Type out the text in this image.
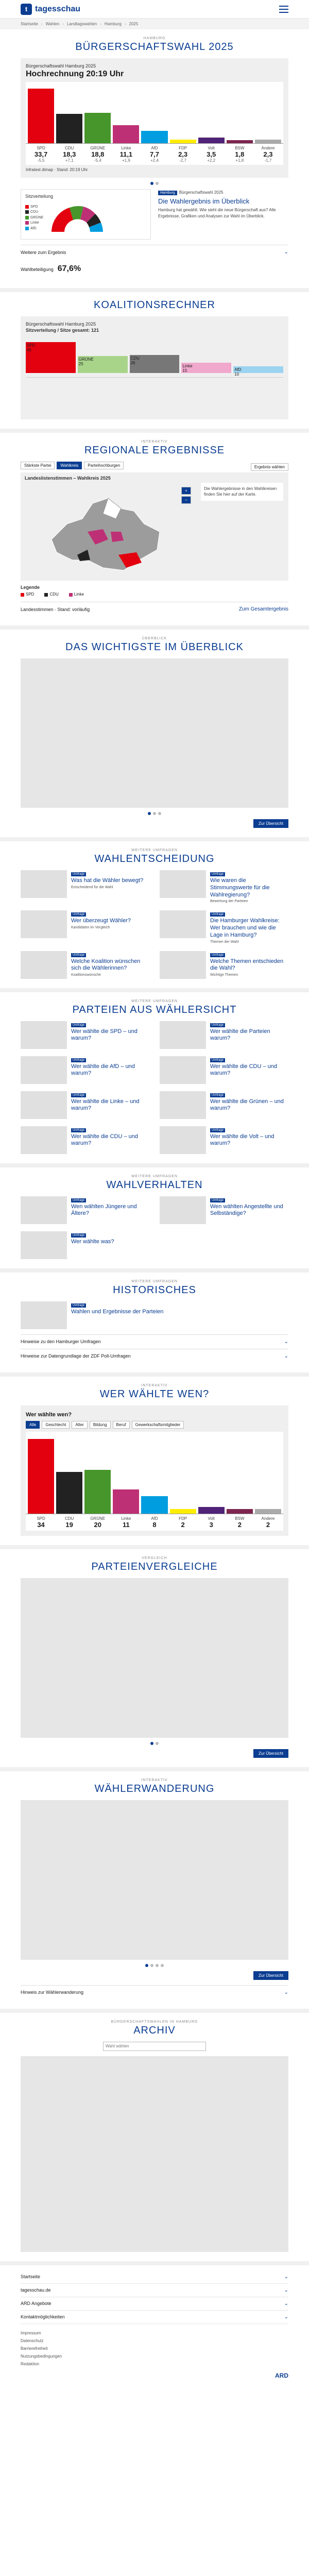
t tagesschau
Startseite › Wahlen › Landtagswahlen › Hamburg › 2025
HAMBURG
BÜRGERSCHAFTSWAHL 2025
Bürgerschaftswahl Hamburg 2025
Hochrechnung 20:19 Uhr
SPD
33,7
-5,5
CDU
18,3
+7,1
GRÜNE
18,8
-5,4
Linke
11,1
+1,9
AfD
7,7
+2,4
FDP
2,3
-2,7
Volt
3,5
+2,2
BSW
1,8
+1,8
Andere
2,3
-1,7
Infratest dimap · Stand: 20:19 Uhr
Sitzverteilung
SPD
CDU
GRÜNE
Linke
AfD
Hamburg Bürgerschaftswahl 2025
Die Wahlergebnis im Überblick
Hamburg hat gewählt. Wie sieht die neue Bürgerschaft aus? Alle Ergebnisse, Grafiken und Analysen zur Wahl im Überblick.
Weitere zum Ergebnis	⌄
Wahlbeteiligung 67,6%
KOALITIONSRECHNER
Bürgerschaftswahl Hamburg 2025
Sitzverteilung / Sitze gesamt: 121
SPD
45
GRÜNE
25
CDU
26
Linke
15	AfD
10
INTERAKTIV
REGIONALE ERGEBNISSE
Stärkste Partei	Wahlkreis	Parteihochburgen	Ergebnis wählen
Landeslistenstimmen – Wahlkreis 2025
+
−
Die Wahlergebnisse in den Wahlkreisen finden Sie hier auf der Karte.
Legende
SPD	CDU	Linke
Landesstimmen · Stand: vorläufig	Zum Gesamtergebnis
ÜBERBLICK
DAS WICHTIGSTE IM ÜBERBLICK
Zur Übersicht
WEITERE UMFRAGEN
WAHLENTSCHEIDUNG
Umfrage
Was hat die Wähler bewegt?
Entscheidend für die Wahl
Umfrage
Wie waren die Stimmungswerte für die Wahlregierung?
Bewertung der Parteien
Umfrage
Wer überzeugt Wähler?
Kandidaten im Vergleich
Umfrage
Die Hamburger Wahlkreise: Wer brauchen und wie die Lage in Hamburg?
Themen der Wahl
Umfrage
Welche Koalition wünschen sich die Wählerinnen?
Koalitionswünsche
Umfrage
Welche Themen entschieden die Wahl?
Wichtige Themen
WEITERE UMFRAGEN
PARTEIEN AUS WÄHLERSICHT
Umfrage
Wer wählte die SPD – und warum?
Umfrage
Wer wählte die Parteien warum?
Umfrage
Wer wählte die AfD – und warum?
Umfrage
Wer wählte die CDU – und warum?
Umfrage
Wer wählte die Linke – und warum?
Umfrage
Wer wählte die Grünen – und warum?
Umfrage
Wer wählte die CDU – und warum?
Umfrage
Wer wählte die Volt – und warum?
WEITERE UMFRAGEN
WAHLVERHALTEN
Umfrage
Wen wählten Jüngere und Ältere?
Umfrage
Wen wählten Angestellte und Selbständige?
Umfrage
Wer wählte was?
WEITERE UMFRAGEN
HISTORISCHES
Umfrage
Wahlen und Ergebnisse der Parteien
Hinweise zu den Hamburger Umfragen	⌄
Hinweise zur Datengrundlage der ZDF Poll-Umfragen	⌄
INTERAKTIV
WER WÄHLTE WEN?
Wer wählte wen?
Alle	Geschlecht	Alter	Bildung	Beruf	Gewerkschaftsmitglieder
SPD
34
CDU
19
GRÜNE
20
Linke
11
AfD
8
FDP
2
Volt
3
BSW
2
Andere
2
VERGLEICH
PARTEIENVERGLEICHE
Zur Übersicht
INTERAKTIV
WÄHLERWANDERUNG
Zur Übersicht
Hinweis zur Wählerwanderung	⌄
BÜRGERSCHAFTSWAHLEN IN HAMBURG
ARCHIV
Wahl wählen
Startseite	⌄
tagesschau.de	⌄
ARD Angebote	⌄
Kontaktmöglichkeiten	⌄
Impressum
Datenschutz
Barrierefreiheit
Nutzungsbedingungen
Redaktion
ARD
